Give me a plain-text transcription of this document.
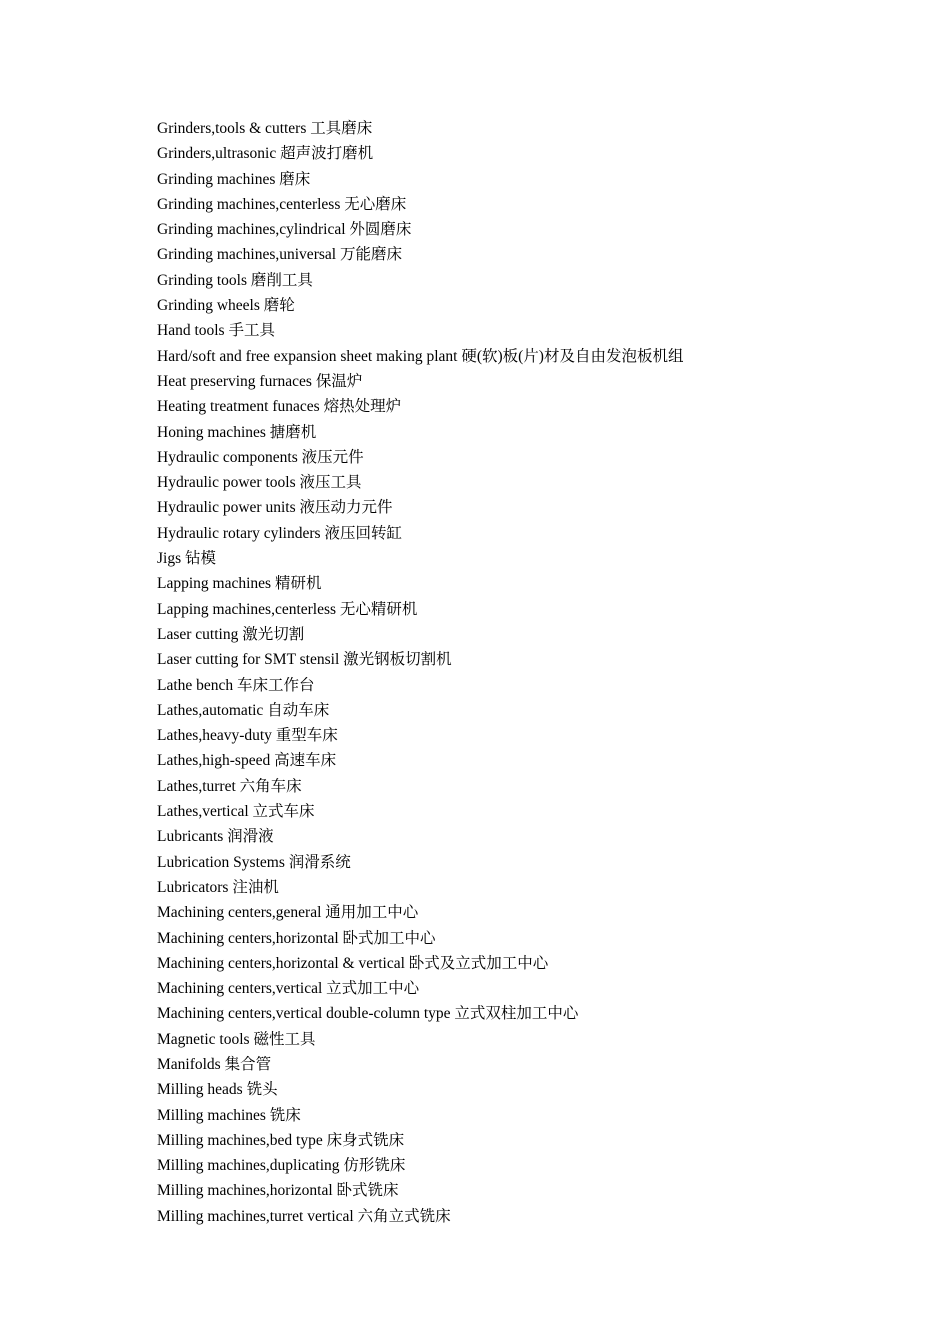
Grinders,tools & cutters 工具磨床
Grinders,ultrasonic 超声波打磨机
Grinding machines 磨床
Grinding machines,centerless 无心磨床
Grinding machines,cylindrical 外圆磨床
Grinding machines,universal 万能磨床
Grinding tools 磨削工具
Grinding wheels 磨轮
Hand tools 手工具
Hard/soft and free expansion sheet making plant 硬(软)板(片)材及自由发泡板机组
Heat preserving furnaces 保温炉
Heating treatment funaces 熔热处理炉
Honing machines 搪磨机
Hydraulic components 液压元件
Hydraulic power tools 液压工具
Hydraulic power units 液压动力元件
Hydraulic rotary cylinders 液压回转缸
Jigs 钻模
Lapping machines 精研机
Lapping machines,centerless 无心精研机
Laser cutting 激光切割
Laser cutting for SMT stensil 激光钢板切割机
Lathe bench 车床工作台
Lathes,automatic 自动车床
Lathes,heavy-duty 重型车床
Lathes,high-speed 高速车床
Lathes,turret 六角车床
Lathes,vertical 立式车床
Lubricants 润滑液
Lubrication Systems 润滑系统
Lubricators 注油机
Machining centers,general 通用加工中心
Machining centers,horizontal 卧式加工中心
Machining centers,horizontal & vertical 卧式及立式加工中心
Machining centers,vertical 立式加工中心
Machining centers,vertical double-column type 立式双柱加工中心
Magnetic tools 磁性工具
Manifolds 集合管
Milling heads 铣头
Milling machines 铣床
Milling machines,bed type 床身式铣床
Milling machines,duplicating 仿形铣床
Milling machines,horizontal 卧式铣床
Milling machines,turret vertical 六角立式铣床
